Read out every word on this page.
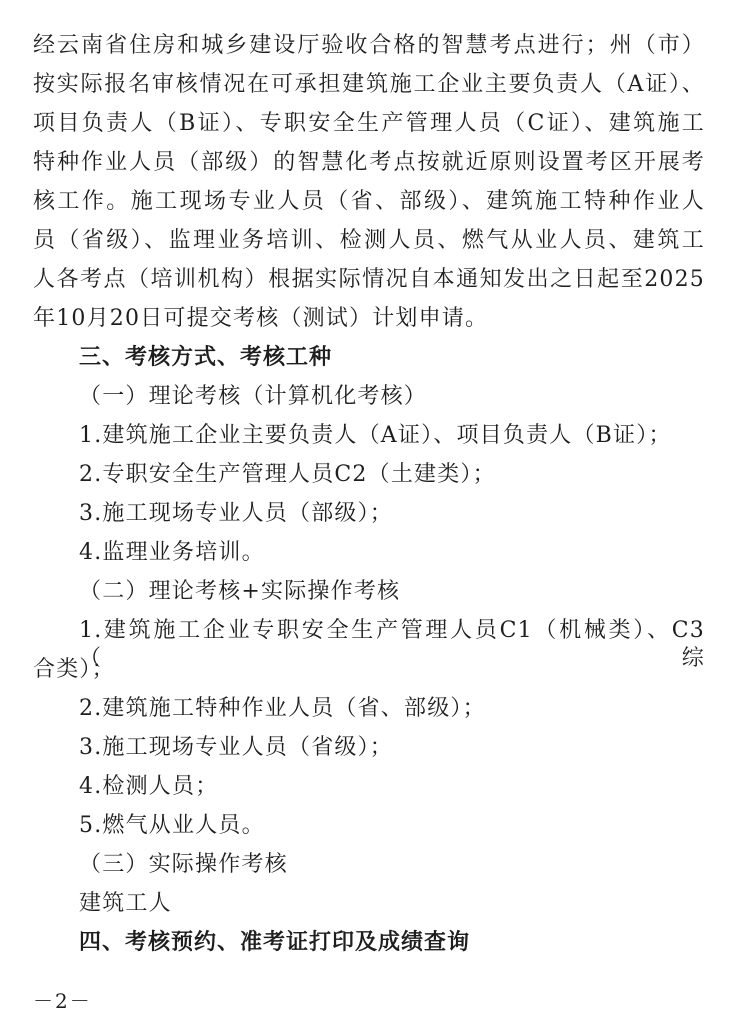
经云南省住房和城乡建设厅验收合格的智慧考点进行；州（市）
按实际报名审核情况在可承担建筑施工企业主要负责人（A证）、
项目负责人（B证）、专职安全生产管理人员（C证）、建筑施工
特种作业人员（部级）的智慧化考点按就近原则设置考区开展考
核工作。施工现场专业人员（省、部级）、建筑施工特种作业人
员（省级）、监理业务培训、检测人员、燃气从业人员、建筑工
人各考点（培训机构）根据实际情况自本通知发出之日起至2025
年10月20日可提交考核（测试）计划申请。
三、考核方式、考核工种
（一）理论考核（计算机化考核）
1.建筑施工企业主要负责人（A证）、项目负责人（B证）；
2.专职安全生产管理人员C2（土建类）；
3.施工现场专业人员（部级）；
4.监理业务培训。
（二）理论考核+实际操作考核
1.建筑施工企业专职安全生产管理人员C1（机械类）、C3（综
合类）；
2.建筑施工特种作业人员（省、部级）；
3.施工现场专业人员（省级）；
4.检测人员；
5.燃气从业人员。
（三）实际操作考核
建筑工人
四、考核预约、准考证打印及成绩查询
－2－
